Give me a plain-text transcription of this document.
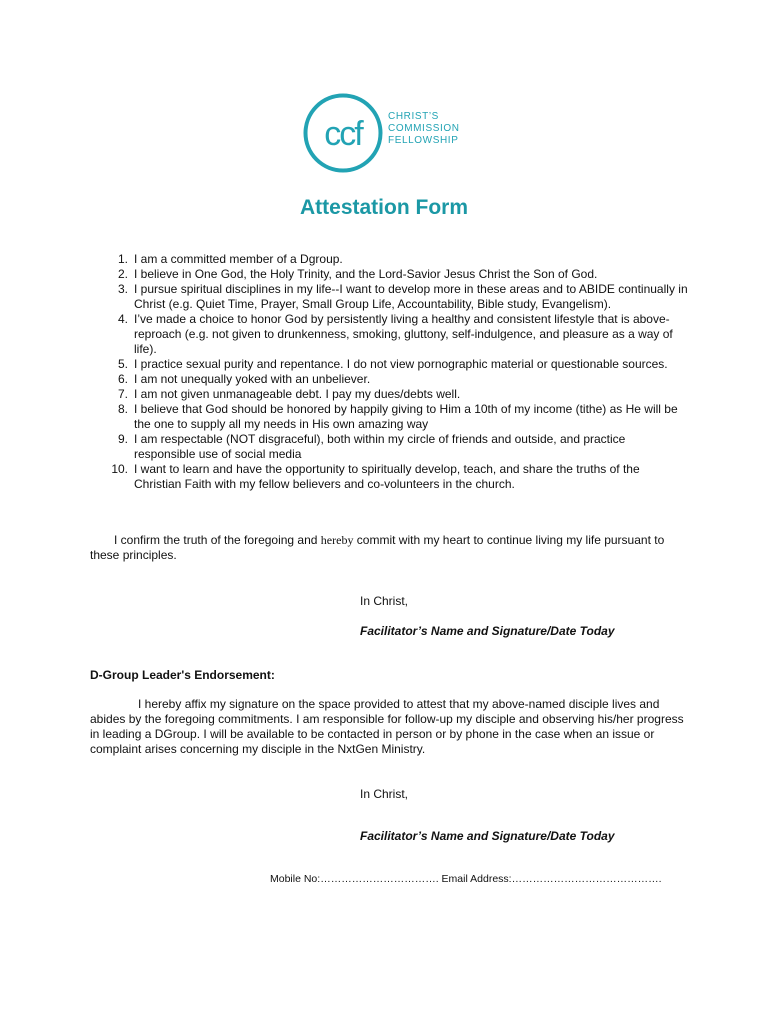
ccf	CHRIST’S
COMMISSION
FELLOWSHIP
Attestation Form
1. I am a committed member of a Dgroup.
2. I believe in One God, the Holy Trinity, and the Lord-Savior Jesus Christ the Son of God.
3. I pursue spiritual disciplines in my life--I want to develop more in these areas and to ABIDE continually in Christ (e.g. Quiet Time, Prayer, Small Group Life, Accountability, Bible study, Evangelism).
4. I’ve made a choice to honor God by persistently living a healthy and consistent lifestyle that is above-reproach (e.g. not given to drunkenness, smoking, gluttony, self-indulgence, and pleasure as a way of life).
5. I practice sexual purity and repentance. I do not view pornographic material or questionable sources.
6. I am not unequally yoked with an unbeliever.
7. I am not given unmanageable debt. I pay my dues/debts well.
8. I believe that God should be honored by happily giving to Him a 10th of my income (tithe) as He will be the one to supply all my needs in His own amazing way
9. I am respectable (NOT disgraceful), both within my circle of friends and outside, and practice responsible use of social media
10. I want to learn and have the opportunity to spiritually develop, teach, and share the truths of the Christian Faith with my fellow believers and co-volunteers in the church.
I confirm the truth of the foregoing and hereby commit with my heart to continue living my life pursuant to these principles.
In Christ,
Facilitator’s Name and Signature/Date Today
D-Group Leader's Endorsement:
I hereby affix my signature on the space provided to attest that my above-named disciple lives and abides by the foregoing commitments. I am responsible for follow-up my disciple and observing his/her progress in leading a DGroup. I will be available to be contacted in person or by phone in the case when an issue or complaint arises concerning my disciple in the NxtGen Ministry.
In Christ,
Facilitator’s Name and Signature/Date Today
Mobile No:……………………………. Email Address:…………………………………….
